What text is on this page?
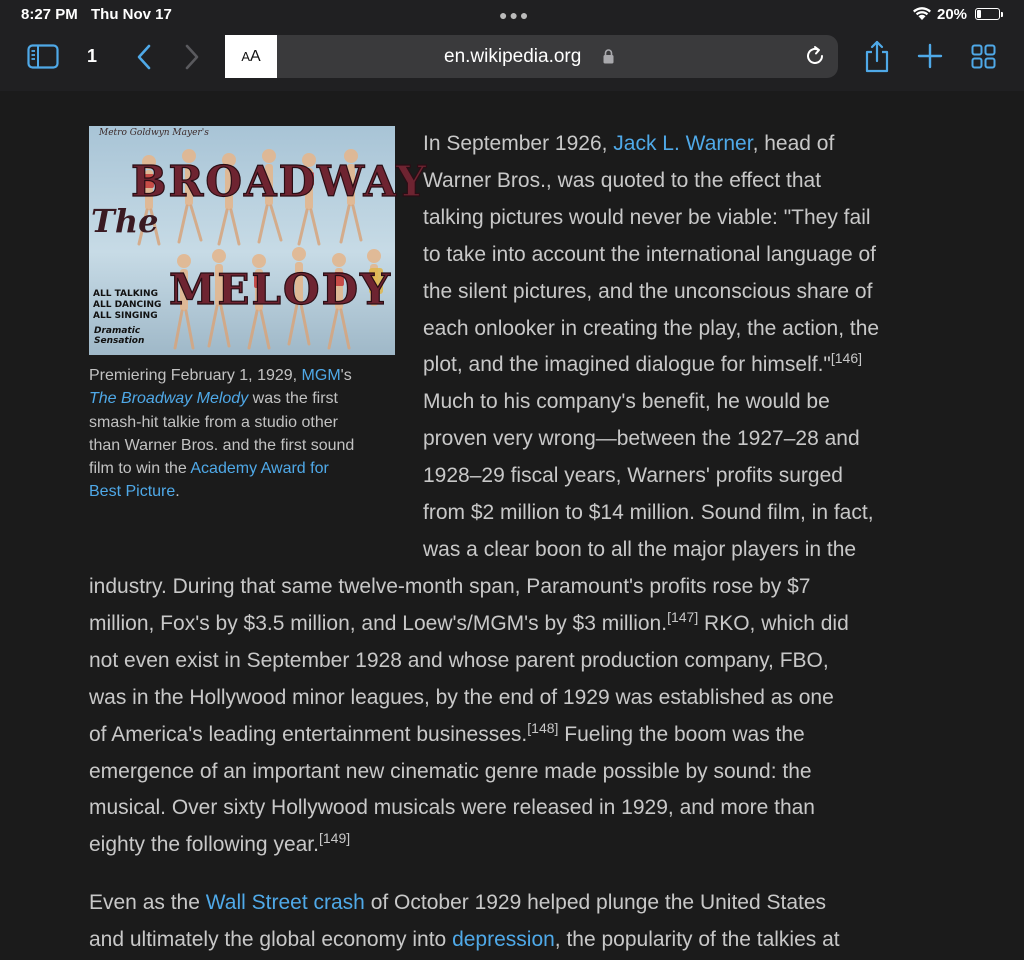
8:27 PM Thu Nov 17	●●●	20%
1	A A	en.wikipedia.org
Metro Goldwyn Mayer's
BROADWAY
The
MELODY
ALL TALKING
ALL DANCING
ALL SINGING
Dramatic
Sensation
Premiering February 1, 1929, MGM's
The Broadway Melody was the first
smash-hit talkie from a studio other
than Warner Bros. and the first sound
film to win the Academy Award for
Best Picture.
In September 1926, Jack L. Warner, head of
Warner Bros., was quoted to the effect that
talking pictures would never be viable: "They fail
to take into account the international language of
the silent pictures, and the unconscious share of
each onlooker in creating the play, the action, the
plot, and the imagined dialogue for himself."[146]
Much to his company's benefit, he would be
proven very wrong—between the 1927–28 and
1928–29 fiscal years, Warners' profits surged
from $2 million to $14 million. Sound film, in fact,
was a clear boon to all the major players in the
industry. During that same twelve-month span, Paramount's profits rose by $7
million, Fox's by $3.5 million, and Loew's/MGM's by $3 million.[147] RKO, which did
not even exist in September 1928 and whose parent production company, FBO,
was in the Hollywood minor leagues, by the end of 1929 was established as one
of America's leading entertainment businesses.[148] Fueling the boom was the
emergence of an important new cinematic genre made possible by sound: the
musical. Over sixty Hollywood musicals were released in 1929, and more than
eighty the following year.[149]
Even as the Wall Street crash of October 1929 helped plunge the United States
and ultimately the global economy into depression, the popularity of the talkies at
